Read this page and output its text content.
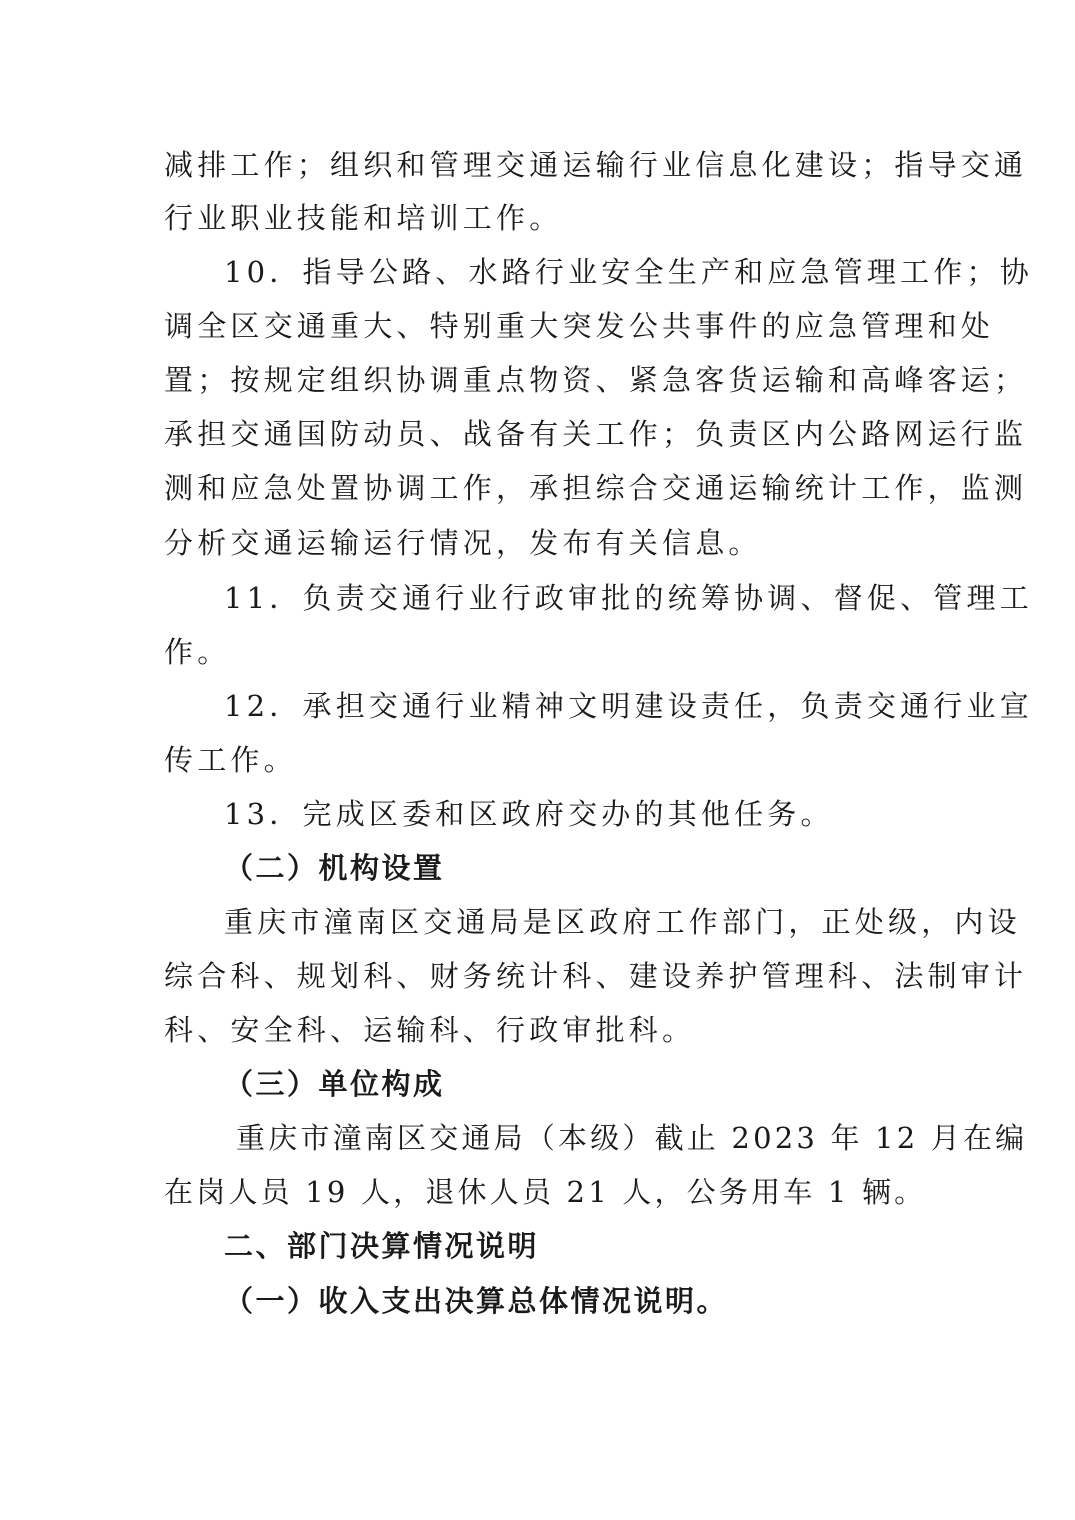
减排工作；组织和管理交通运输行业信息化建设；指导交通
行业职业技能和培训工作。
10．指导公路、水路行业安全生产和应急管理工作；协
调全区交通重大、特别重大突发公共事件的应急管理和处
置；按规定组织协调重点物资、紧急客货运输和高峰客运；
承担交通国防动员、战备有关工作；负责区内公路网运行监
测和应急处置协调工作，承担综合交通运输统计工作，监测
分析交通运输运行情况，发布有关信息。
11．负责交通行业行政审批的统筹协调、督促、管理工
作。
12．承担交通行业精神文明建设责任，负责交通行业宣
传工作。
13．完成区委和区政府交办的其他任务。
（二）机构设置
重庆市潼南区交通局是区政府工作部门，正处级，内设
综合科、规划科、财务统计科、建设养护管理科、法制审计
科、安全科、运输科、行政审批科。
（三）单位构成
重庆市潼南区交通局（本级）截止 2023 年 12 月在编
在岗人员 19 人，退休人员 21 人，公务用车 1 辆。
二、部门决算情况说明
（一）收入支出决算总体情况说明。
